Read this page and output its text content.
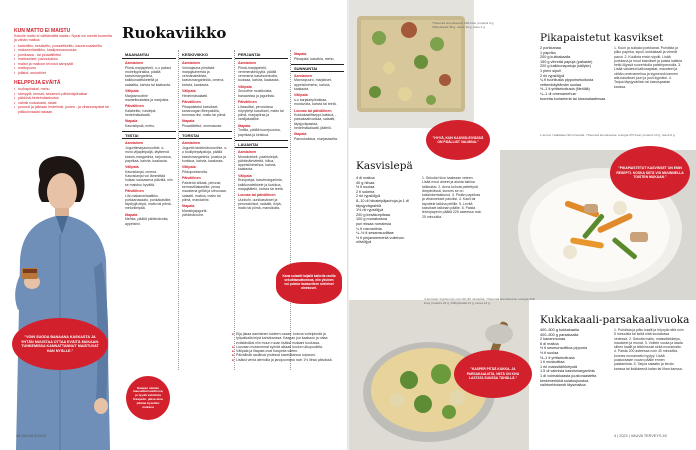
KUN MATTO EI MAISTU

Kokoile maito ei välttämättä maistu. Nyssi voi mentä tuoreelta ja vähän maitoa:

• kalamiltio, kesäsetto, posaattikeittu, kauraruusakeittu
• makaronilaatikko, kaalipessamouska
• punikaara - tai pinaattilettut
• maitosetset, pannukakku
• maitot ja maitoon leivotut sämpylät
• maitopuuro
• jollatot, smoothiet
HELPPOJA EVÄITÄ
• ruokapiirakat, mehu
• sämpylä, kessat, sesammi-pähkinäpiirakkar
• pähkinä-hedelmäsekoitus
• valmiit ruokasalat, rasiat
• puuuroi ja jalleaan hedelmät, juuren - ja vihannespalat tai pilkkuinvaalat rasiaan
Ruokaviikko
"VOIN SUODA BANAANA KASKASTA JA YHTÄN MUUSTAA OTTAA EVÄITÄ MUKAAN. TUNKEMISSA KANNATTANNUT MAISTUVAT HAN NYÄLLE."
MAANANTAI
Aamiainen
Piimä-marjapirtelö, s-o paksui moireilypiirakka, päällä kasvismargariinia, kalkkunaleikkelettä ja salaattia, kahvia tai kaakaota.
Välipala
Marjasmoothie mantelimalaista ja marjoista.
Päivällinen
Kalakeitto, ruisleipä, hedelmäsalaatti.
Iltapala
Kasvistipsiä, mehu.
TIISTAI
Aamiainen
Jogurttimarjasmoothie, s-moni-viljapleipaljä, täytteenä kasvis-margariinia, tarjoustoa, paprikaa, kahvia, kaakaota.
Välipala
Kasvislanjai, omena. Kasvislanjai voi lämmittää hoikan sausasena pälvälä, niin se maistuu hyvältä.
Päivällinen
Lihi-makaronilaatikko, porkkanasaato, punkakastike, täyslyijä-leipä, maito tai piimä, melonileipää.
Iltapala
Mehka, päällä pähkinävoita, appelsiini.
KESKIVIIKKO
Aamiainen
Voimajauna piimästä marjajauheesta ja vehnänaleikista, kasvismargariinilla, omena, kahvia, kaakaota.
Välipala
Hedelmäsalaatti.
Päivällinen
Pikapaistetut kasvikset, kanaruugan fileepaloilla, tummaa riisi, maito tai piimä.
Iltapala
Pinaattilettut, omenasose.
TORSTAI
Aamiainen
Jogurtti-hedelmäsmoothie, s-o toolilpleipäpaloja, päällä kasvismargariinia, juustoa ja kurkkua, kahvia, kaakaota.
Välipala
Pikkuporkanoita.
Päivällinen
Paistetut siikaat, perunat, kermavilliakastike, pinaa maustena grilliä ja sitruunaa, salaatti, maitoa, maito tai piimä, mandariini.
Iltapala
Mansikjajogurtti-pähkinärouhe.
PERJANTAI
Aamiainen
Piimä-marjapirtelö, vemmenämkyyllä, päällä vemmena kasvisverkoilla, tuoksaa, kahvia, kaakaota.
Välipala
Smoothie mustikoista, banaanista ja jogurtista.
Päivällinen
Lihasoittai, perunoissa höyrytetyt kasvikset, maito tai piimä, marjapiiras ja vaniljakastike.
Iltapala
Tortilla, päällä tuorejuustoa, paprikaa ja kinkkua.
LAUANTAI
Aamiainen
Munakokkeli, paahtoleipä, pähkinäleivitettä, hillua, appelsiinimehua, kahvia, kaakaota.
Välipala
Ruispaloja, kasvimargariinia, kalkkunaleikkele ja kurkkua, marjajäätelö, kahvia tai teetä.
Lounas tai päivällinen
Uunilohi, uunikasvikset ja perunalohkot, salaatti, leipä, maito tai piimä, mansikoita.
Iltapala
Pitsapala, kasvikia, mehu.
SUNNUNTAI
Aamiainen
Mannapuuro, marjakset, appelsiinimehu, kahvia, kaakaota.
Välipala
s-o karjalanpiirakkaa, munavoita, kahvia tai teetä.
Lounas tai päivällinen
Kukkakaalifiseppi-kakkua, -parsakaalivuokaa, salaatti, täysjyväpastaa, hedelmäsalaatti, jäätelö.
Iltapala
Pannukakkua, marjasaseita.
Kana sulaatti laijallä kaikella rasilla sekoittamattomana, niin yksinen voi poimia lautaselleen mieleiset aineksset.
Kaapan nämän mausaltteissadirova, ja tyydä valmiista Kaapelio. jaksa aina pikkaa kysellen mukana
■ Eija jakaa aamiainen kaiteen osaan: kotona voileipimää ja työpaikalla leipä kahvikanssa. Kaapan juo kaakaon ja ottaa evästäväksi niin muun ruoan lisäksi mutaani koulussa.
■ Luovaan mutanmmat syövät aikaan koulun ulkopuolella.
■ Välipala ja Iltapala ovat Kaspelia varten.
■ Päivällistä nauttivat yhdessä kaveiaksissa ruipsumi.
■ Lisäksi venla aterioilla ja janojoumana noin 1½ litraa päivässä.
48 VAUVA 2/2023
Yhteensä annoksessa: 290 kcal, proteiini 9 g, hiilihydraatti 38 g, rasva 10 g, kuitu 4 g.
"HYVÄ, KUN KASVISLEIVÄSSÄ ON PÄÄLLIST VALMINA."
Kasvislepä
4 dl maitoa
40 g hiivaa
½ tl suolaa
2 tl sokeria
2 rkl rypsiöljyä
8–10 dl hiivaleipäjauhoja ja 1 dl täysjyvägrahliä
1½ rkl rypsiöljyä
200 g kesäkurpitsaa
100 g munakoisoa
puri eksaa romainsia
¼ tl rosmariinia
¼–½ tl sesamsuolittae
½ tl pinjansiemeniä voileivun oliiviöljyä
1. Sekoita hiiva haaleaan veteen. Lisää muut aineet ja alusta taikina taikinaksi. 2. Anna kohota peitettynä lämpimässä, kunnes se on kaksinkertaistunut. 3. Pistän paprikaa ja vihannekset paloiksi. 4. Kauli tai taputtele taikina pellille. 5. Levitä kasvikset taikinan päälle. 6. Paista leivinpaperin päällä 225 asteessa noin 25 minuuttia.
Pikapaistetut kasvikset
2 porkkanaa
1 paprika
200 g kukkakaalia
150 g vihreää papuja (pakaste)
200 g kalkkunapaloja (säilyke)
1 pieni sipuli
2 rkl rypsiöljyä
¼ tl tuohitusta pippurisekoitusta
vettemkäyttämän suolaa
½–1 tl yrttisekoitusta (fileöillä)
¼–1 dl omenamehua
tuoretta korianteria tai idusmalaatinsaa
1. Kuori ja suikaloi porkkanat. Puhdista ja pilko paprika, sipuli, kukkakaali ja vihreät pavut. 2. Kuullota ensin sipulit. Lisää porkkana ja muut kasvikset ja paista kaikkia hetki öljyssä suurehkolla paistinpannulla. 3. Lisää valutetut kalkunapalat, mausteet ja vähän omenamehua ja kypsennä kannen alla kasvikset juuri ja juuri kypsiksi. 4. Tarjoa täysjyväriisin tai kasvispastan kanssa.
1 annos / kaikkiaan 90 minuuttia. Yhteensä annoksessa: energia 270 kcal, proteiini 13 g, rasva 8 g.
"PIKAPAISTETUT KASVIKSET ON ENIN RESEPTI. KOSKA SIITÄ VOI MUUNNELLA TOISTEN MUKAAN."
4 annosta / kypsennys noin 60–90 minuuttia. Yhteensä annoksessa: energia 240 kcal, proteiini 20 g, hiilihydraatti 11 g, rasva 13 g.
"KASPER PITÄÄ KUKKA- JA PARSAKAALISTA, NIITÄ ON KIVA LASTATA SUUSSA TÄHÄLLÄ."
Kukkakaali-parsakaalivuoka
400–500 g kukkakaalia
400–500 g parsakaalia
2 kananmunaa
6 dl maitoa
½ tl sesmunsolttiua pippuria
½ tl suolaa
½–1 tl yrttisekoitusta
1 tl muskottiaa
1 rkl maissitärkkelystä
1,5 dl valmista kasvismargariinia
1 dl voimakkaasta juustoraastetta
keskimerkkkä sulatusjuustoa
vaihtoehtoisesti täysmaitoa
1. Puhdista ja pilko kaalit ja höyrytä niitä noin 5 minuuttia tai keitä niitä suolatussa vedessä. 2. Sekoita maito, maissitärkkelys, mausteet ja munat. 3. Voitele vuoka ja laada siihen kaalit ja leikkimuusi sekä munamaito. 4. Paista 200 asteessa noin 40 minuuttia, kunnes munamaito hyytyy. Lisää juustoraaste vuoan päälle ennen paistamista. 5. Tarjoa salaatin ja leivän kanssa tai lisäkkeenä kalan tai lihan kanssa.
4 | 2023 | VAUVA TERVEYS 49
